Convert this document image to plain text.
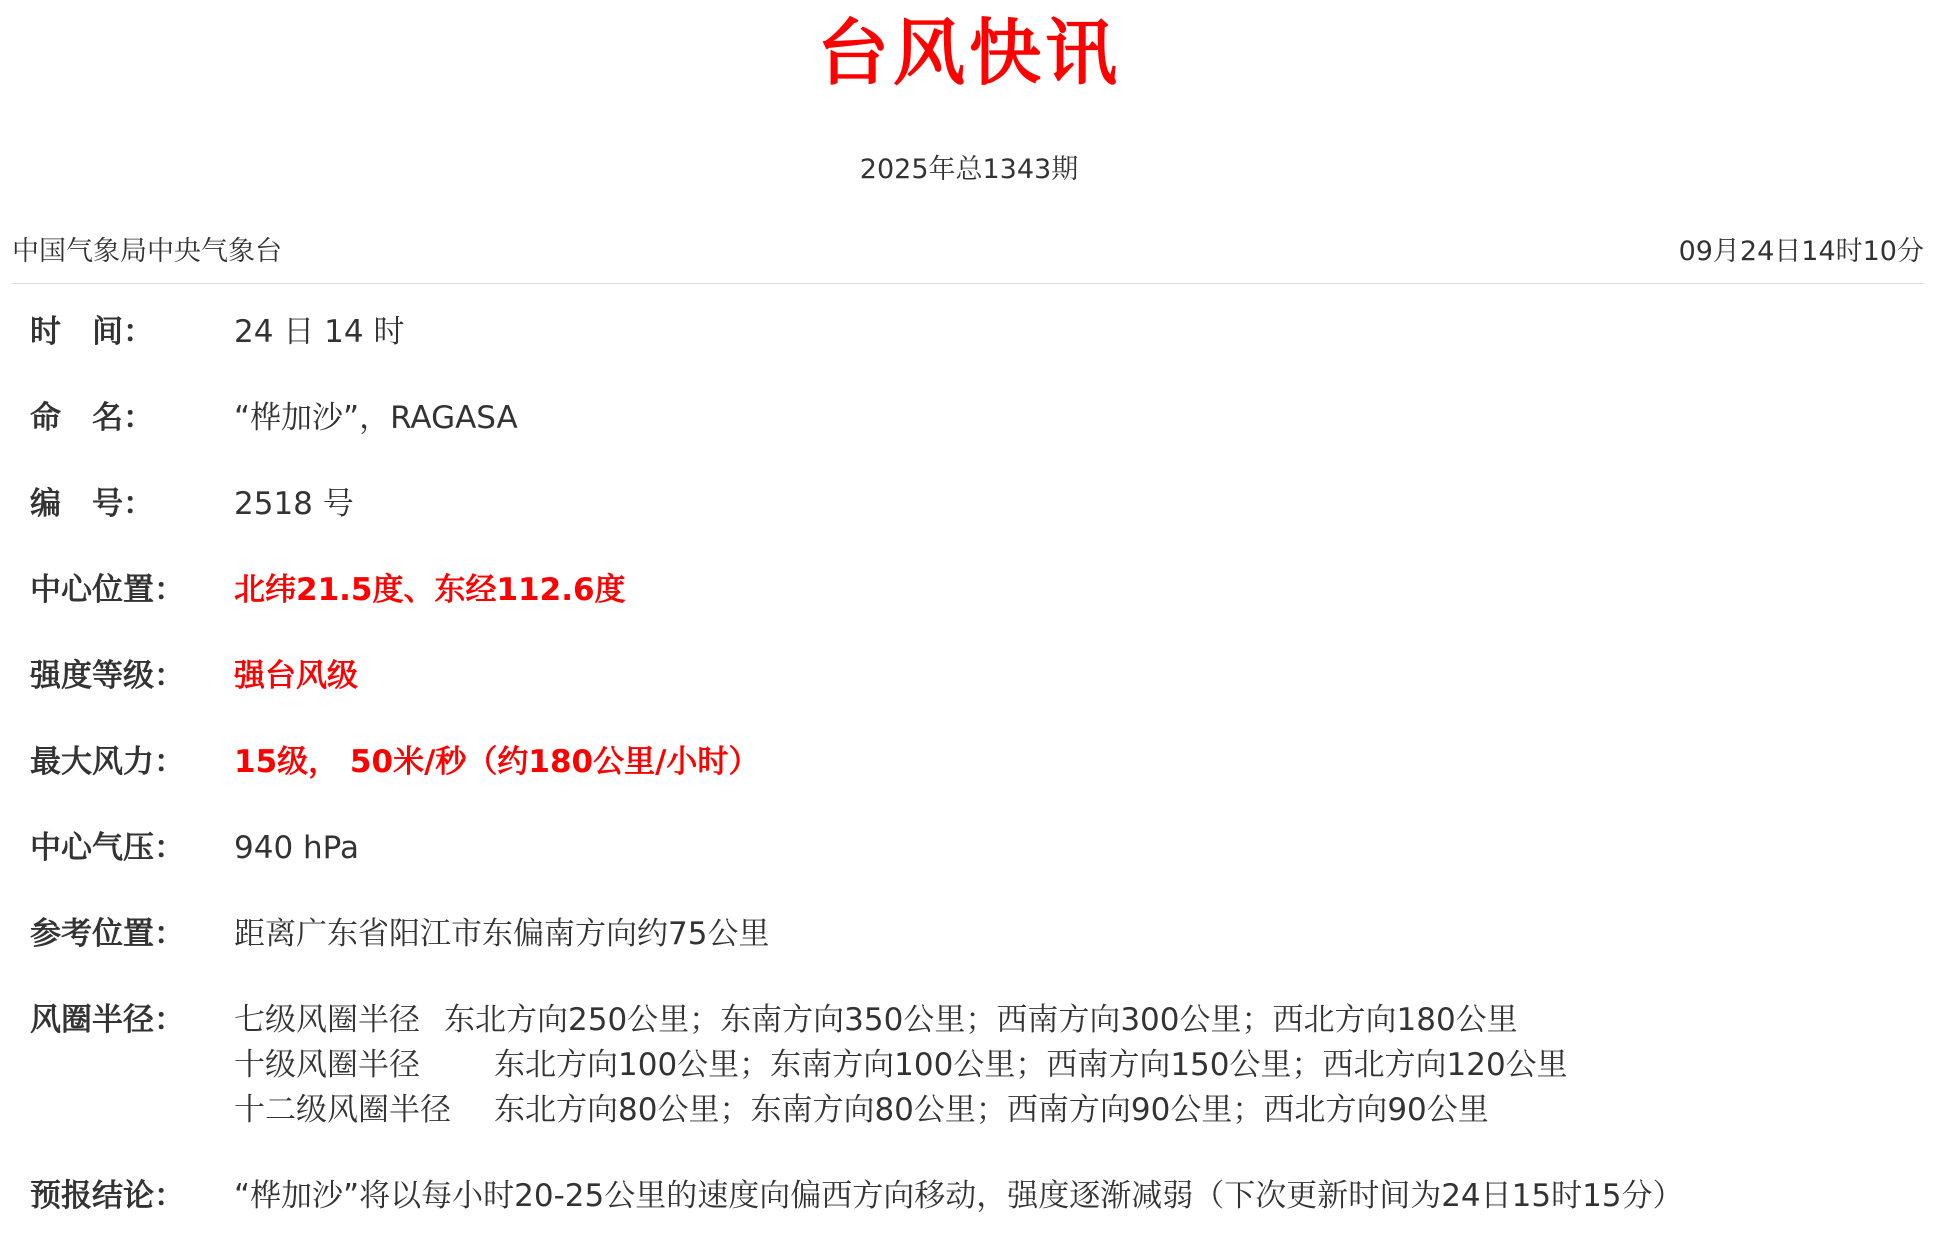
台风快讯
2025年总1343期
中国气象局中央气象台	09月24日14时10分
时　间：	24 日 14 时
命　名：	“桦加沙”，RAGASA
编　号：	2518 号
中心位置：	北纬21.5度、东经112.6度
强度等级：	强台风级
最大风力：	15级， 50米/秒（约180公里/小时）
中心气压：	940 hPa
参考位置：	距离广东省阳江市东偏南方向约75公里
风圈半径：	七级风圈半径 东北方向250公里；东南方向350公里；西南方向300公里；西北方向180公里
十级风圈半径	东北方向100公里；东南方向100公里；西南方向150公里；西北方向120公里
十二级风圈半径	东北方向80公里；东南方向80公里；西南方向90公里；西北方向90公里
预报结论：	“桦加沙”将以每小时20-25公里的速度向偏西方向移动，强度逐渐减弱（下次更新时间为24日15时15分）
